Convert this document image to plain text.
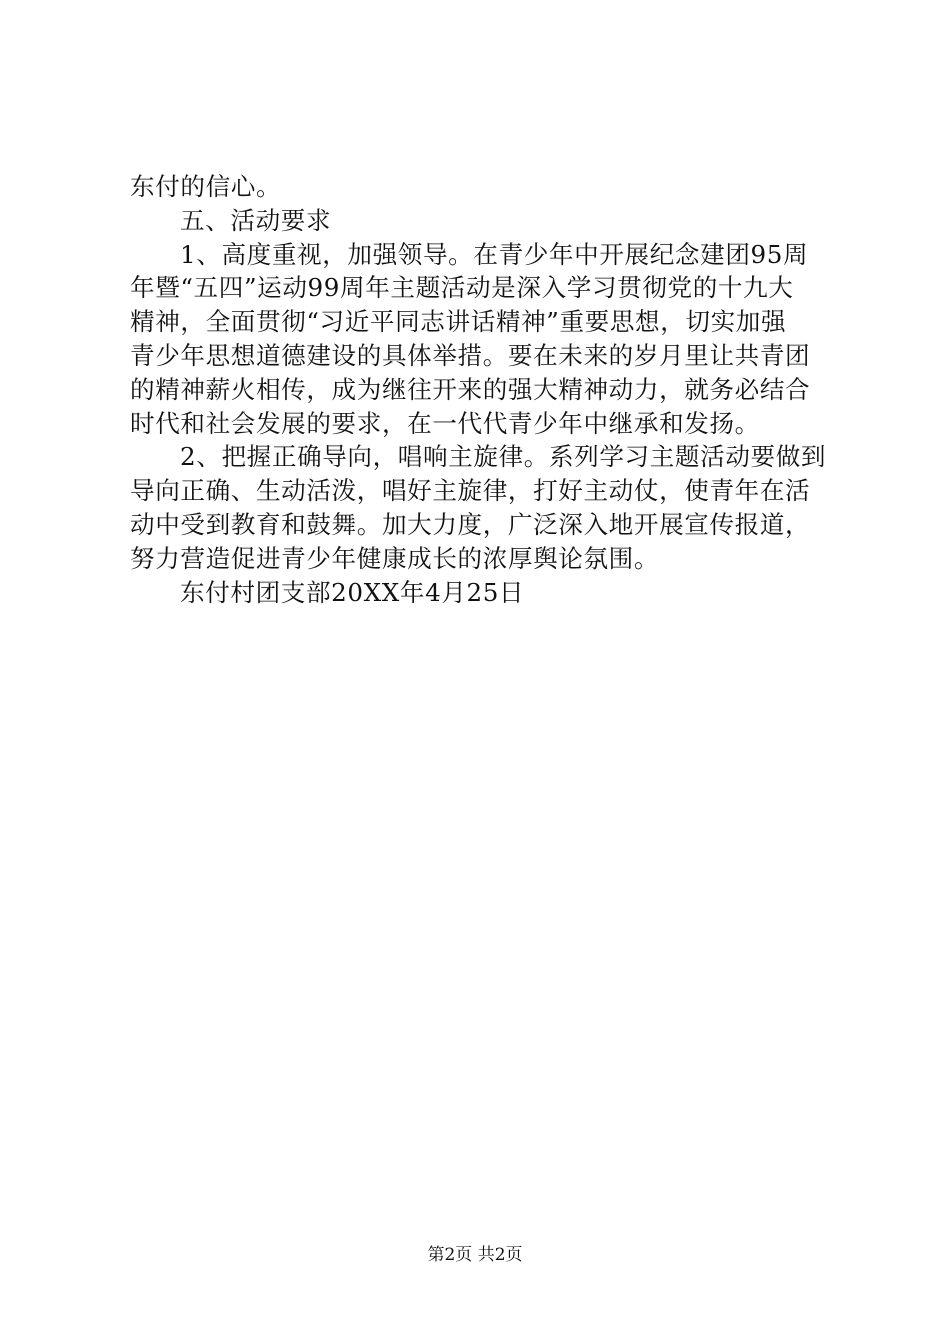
东付的信心。
五、活动要求
1、高度重视，加强领导。在青少年中开展纪念建团95周
年暨“五四”运动99周年主题活动是深入学习贯彻党的十九大
精神，全面贯彻“习近平同志讲话精神”重要思想，切实加强
青少年思想道德建设的具体举措。要在未来的岁月里让共青团
的精神薪火相传，成为继往开来的强大精神动力，就务必结合
时代和社会发展的要求，在一代代青少年中继承和发扬。
2、把握正确导向，唱响主旋律。系列学习主题活动要做到
导向正确、生动活泼，唱好主旋律，打好主动仗，使青年在活
动中受到教育和鼓舞。加大力度，广泛深入地开展宣传报道，
努力营造促进青少年健康成长的浓厚舆论氛围。
东付村团支部20XX年4月25日
第2页 共2页
